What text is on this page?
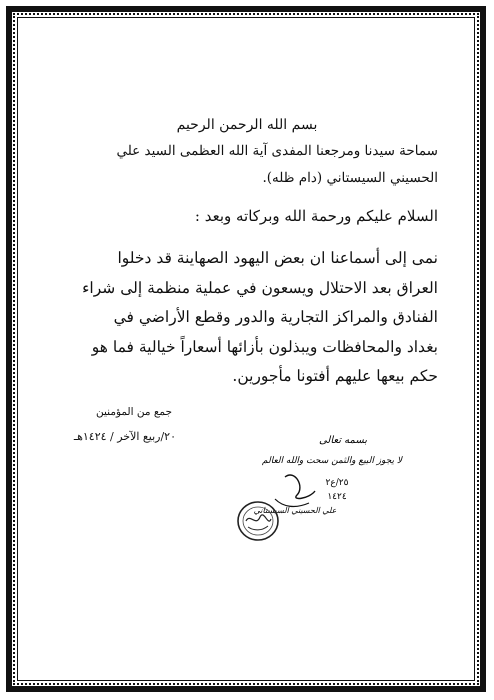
بسم الله الرحمن الرحيم
سماحة سيدنا ومرجعنا المفدى آية الله العظمى السيد علي
الحسيني السيستاني (دام ظله).
السلام عليكم ورحمة الله وبركاته وبعد :
نمى إلى أسماعنا ان بعض اليهود الصهاينة قد دخلوا
العراق بعد الاحتلال ويسعون في عملية منظمة إلى شراء
الفنادق والمراكز التجارية والدور وقطع الأراضي في
بغداد والمحافظات ويبذلون بأزائها أسعاراً خيالية فما هو
حكم بيعها عليهم أفتونا مأجورين.
جمع من المؤمنين
٢٠/ربيع الآخر / ١٤٢٤هـ	بسمه تعالى
لا يجوز البيع والثمن سحت والله العالم
علي الحسيني السيستاني
٢٥/ع٢
١٤٢٤
